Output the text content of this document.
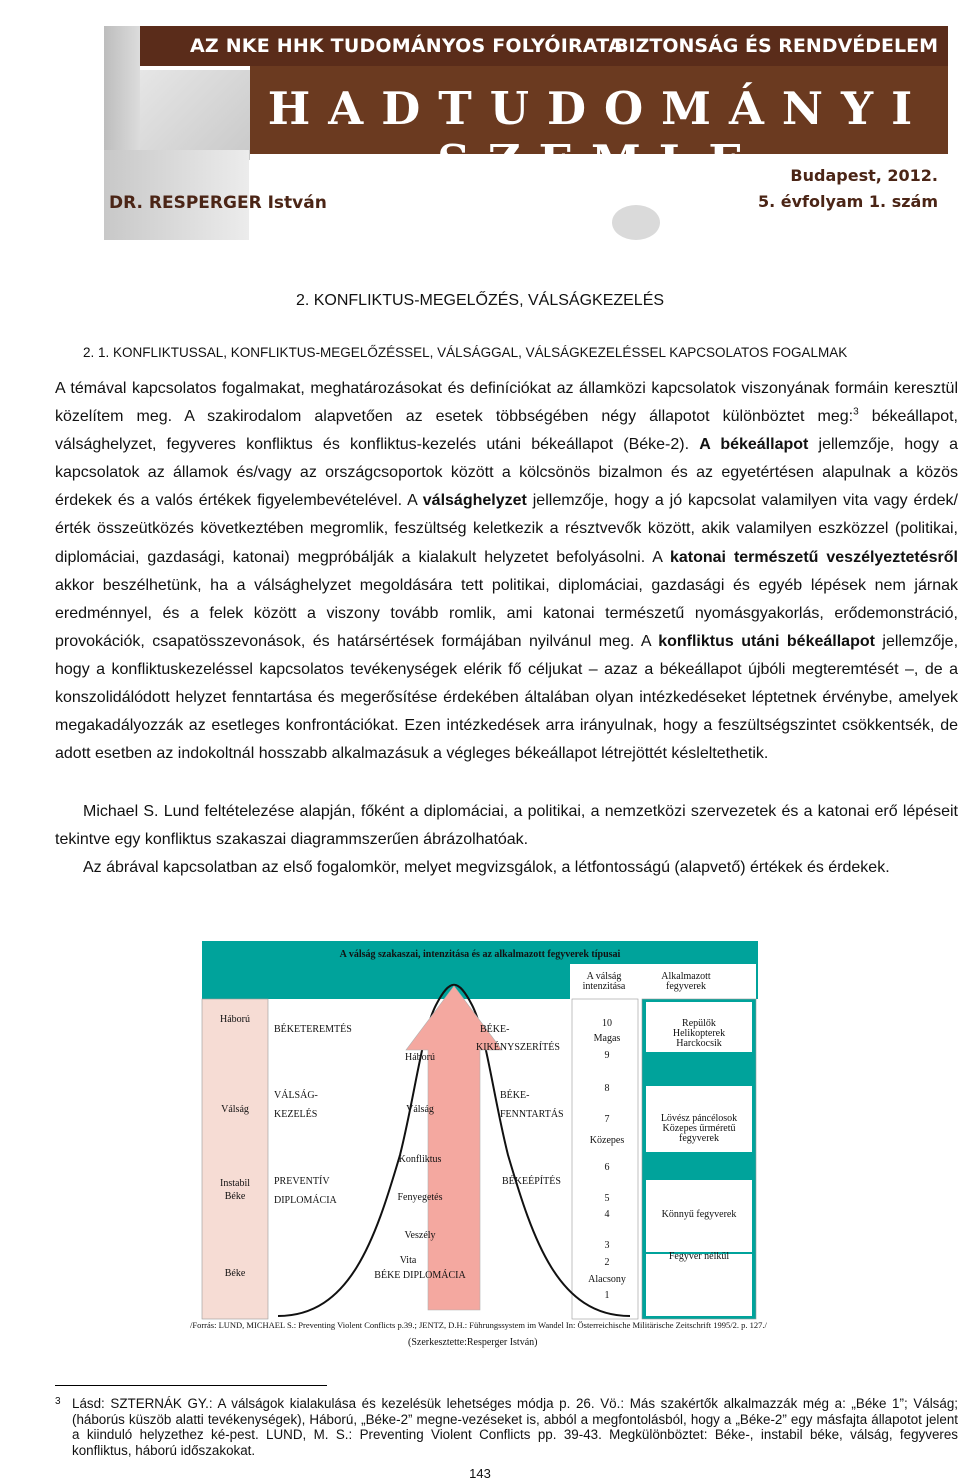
AZ NKE HHK TUDOMÁNYOS FOLYÓIRATA
BIZTONSÁG ÉS RENDVÉDELEM
HADTUDOMÁNYI SZEMLE
DR. RESPERGER István
Budapest, 2012.
5. évfolyam 1. szám
2. KONFLIKTUS-MEGELŐZÉS, VÁLSÁGKEZELÉS
2. 1. KONFLIKTUSSAL, KONFLIKTUS-MEGELŐZÉSSEL, VÁLSÁGGAL, VÁLSÁGKEZELÉSSEL KAPCSOLATOS FOGALMAK
A témával kapcsolatos fogalmakat, meghatározásokat és definíciókat az államközi kapcsolatok viszonyának formáin keresztül közelítem meg. A szakirodalom alapvetően az esetek többségében négy állapotot különböztet meg:$^3$ békeállapot, válsághelyzet, fegyveres konfliktus és konfliktus-kezelés utáni békeállapot (Béke-2). A békeállapot jellemzője, hogy a kapcsolatok az államok és/vagy az országcsoportok között a kölcsönös bizalmon és az egyetértésen alapulnak a közös érdekek és a valós értékek figyelembevételével. A válsághelyzet jellemzője, hogy a jó kapcsolat valamilyen vita vagy érdek/érték összeütközés következtében megromlik, feszültség keletkezik a résztvevők között, akik valamilyen eszközzel (politikai, diplomáciai, gazdasági, katonai) megpróbálják a kialakult helyzetet befolyásolni. A katonai természetű veszélyeztetésről akkor beszélhetünk, ha a válsághelyzet megoldására tett politikai, diplomáciai, gazdasági és egyéb lépések nem járnak eredménnyel, és a felek között a viszony tovább romlik, ami katonai természetű nyomásgyakorlás, erődemonstráció, provokációk, csapatösszevonások, és határsértések formájában nyilvánul meg. A konfliktus utáni békeállapot jellemzője, hogy a konfliktuskezeléssel kapcsolatos tevékenységek elérik fő céljukat – azaz a békeállapot újbóli megteremtését –, de a konszolidálódott helyzet fenntartása és megerősítése érdekében általában olyan intézkedéseket léptetnek érvénybe, amelyek megakadályozzák az esetleges konfrontációkat. Ezen intézkedések arra irányulnak, hogy a feszültségszintet csökkentsék, de adott esetben az indokoltnál hosszabb alkalmazásuk a végleges békeállapot létrejöttét késleltethetik.
Michael S. Lund feltételezése alapján, főként a diplomáciai, a politikai, a nemzetközi szervezetek és a katonai erő lépéseit tekintve egy konfliktus szakaszai diagrammszerűen ábrázolhatóak.
Az ábrával kapcsolatban az első fogalomkör, melyet megvizsgálok, a létfontosságú (alapvető) értékek és érdekek.
A válság szakaszai, intenzitása és az alkalmazott fegyverek típusai
A válság
intenzitása
Alkalmazott
fegyverek
Háború
Válság
Instabil
Béke
Béke
BÉKETEREMTÉS
VÁLSÁG-
KEZELÉS
PREVENTÍV
DIPLOMÁCIA
BÉKE DIPLOMÁCIA
BÉKE-
KIKÉNYSZERÍTÉS
BÉKE-
FENNTARTÁS
BÉKEÉPÍTÉS
Háború
Válság
Konfliktus
Fenyegetés
Veszély
Vita
10
Magas
9
8
7
Közepes
6
5
4
3
2
Alacsony
1
Repülők
Helikopterek
Harckocsik
Lövész páncélosok
Közepes űrméretű
fegyverek
Könnyű fegyverek
Fegyver nélkül
/Forrás: LUND, MICHAEL S.: Preventing Violent Conflicts p.39.; JENTZ, D.H.: Führungssystem im Wandel In: Österreichische Militärische Zeitschrift 1995/2. p. 127./
(Szerkesztette:Resperger István)
3 Lásd: SZTERNÁK GY.: A válságok kialakulása és kezelésük lehetséges módja p. 26. Vö.: Más szakértők alkalmazzák még a: „Béke 1”; Válság; (háborús küszöb alatti tevékenységek), Háború, „Béke-2” megne-vezéseket is, abból a megfontolásból, hogy a „Béke-2” egy másfajta állapotot jelent a kiinduló helyzethez ké-pest. LUND, M. S.: Preventing Violent Conflicts pp. 39-43. Megkülönböztet: Béke-, instabil béke, válság, fegyveres konfliktus, háború időszakokat.
143
